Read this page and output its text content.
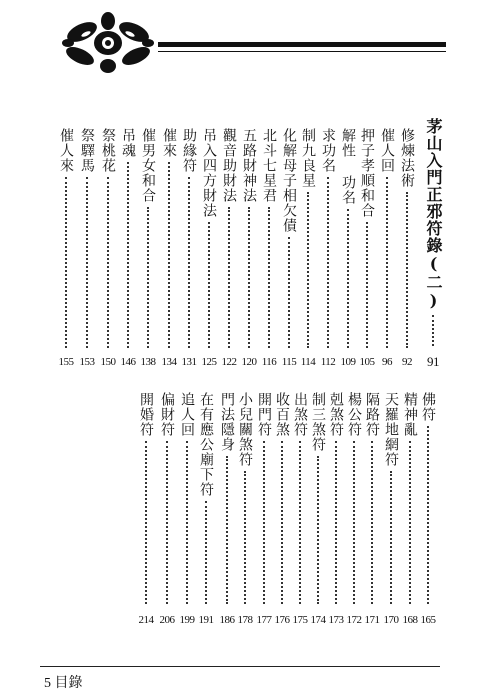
茅山入門正邪符錄(二)
91
修煉法術
92
催人回
96
押子孝順和合
105
解性 功名
109
求功名
112
制九良星
114
化解母子相欠債
115
北斗七星君
116
五路財神法
120
觀音助財法
122
吊入四方財法
125
助緣符
131
催來
134
催男女和合
138
吊魂
146
祭桃花
150
祭驛馬
153
催人來
155
佛符
165
精神亂
168
天羅地網符
170
隔路符
171
楊公符
172
剋煞符
173
制三煞符
174
出煞符
175
收百煞
176
開門符
177
小兒關煞符
178
門法隱身
186
在有應公廟下符
191
追人回
199
偏財符
206
開婚符
214
5 目錄
